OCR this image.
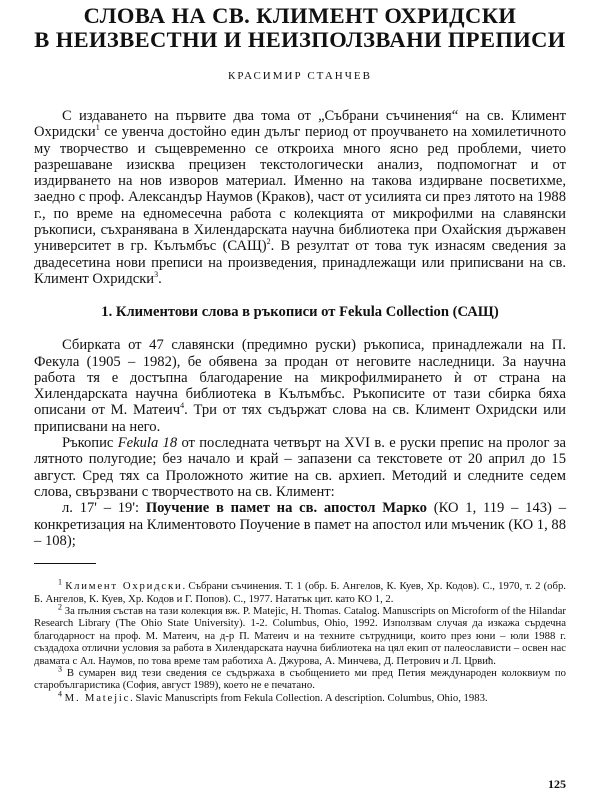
СЛОВА НА СВ. КЛИМЕНТ ОХРИДСКИ
В НЕИЗВЕСТНИ И НЕИЗПОЛЗВАНИ ПРЕПИСИ
КРАСИМИР СТАНЧЕВ

С издаването на първите два тома от „Събрани съчинения“ на св. Климент Охридски$^1$ се увенча достойно един дълъг период от проучването на хомилетичното му творчество и същевременно се откроиха много ясно ред проблеми, чието разрешаване изисква прецизен текстологически анализ, подпомогнат и от издирването на нов изворов материал. Именно на такова издирване посветихме, заедно с проф. Александър Наумов (Краков), част от усилията си през лятото на 1988 г., по време на едномесечна работа с колекцията от микрофилми на славянски ръкописи, съхранявана в Хилендарската научна библиотека при Охайския държавен университет в гр. Кълъмбъс (САЩ)$^2$. В резултат от това тук изнасям сведения за двадесетина нови преписи на произведения, принадлежащи или приписвани на св. Климент Охридски$^3$.

1. Климентови слова в ръкописи от Fekula Collection (САЩ)

Сбирката от 47 славянски (предимно руски) ръкописа, принадлежали на П. Фекула (1905 – 1982), бе обявена за продан от неговите наследници. За научна работа тя е достъпна благодарение на микрофилмирането ѝ от страна на Хилендарската научна библиотека в Кълъмбъс. Ръкописите от тази сбирка бяха описани от М. Матеич$^4$. Три от тях съдържат слова на св. Климент Охридски или приписвани на него.

Ръкопис Fekula 18 от последната четвърт на XVI в. е руски препис на пролог за лятното полугодие; без начало и край – запазени са текстовете от 20 април до 15 август. Сред тях са Проложното житие на св. архиеп. Методий и следните седем слова, свързвани с творчеството на св. Климент:

л. 17' – 19': Поучение в памет на св. апостол Марко (КО 1, 119 – 143) – конкретизация на Климентовото Поучение в памет на апостол или мъченик (КО 1, 88 – 108);

$^1$ Климент Охридски. Събрани съчинения. Т. 1 (обр. Б. Ангелов, К. Куев, Хр. Кодов). С., 1970, т. 2 (обр. Б. Ангелов, К. Куев, Хр. Кодов и Г. Попов). С., 1977. Нататък цит. като КО 1, 2.

$^2$ За пълния състав на тази колекция вж. P. Matejic, H. Thomas. Catalog. Manuscripts on Microform of the Hilandar Research Library (The Ohio State University). 1-2. Columbus, Ohio, 1992. Използвам случая да изкажа сърдечна благодарност на проф. М. Матеич, на д-р П. Матеич и на техните сътрудници, които през юни – юли 1988 г. създадоха отлични условия за работа в Хилендарската научна библиотека на цял екип от палеослависти – освен нас двамата с Ал. Наумов, по това време там работиха А. Джурова, А. Минчева, Д. Петрович и Л. Црвић.

$^3$ В сумарен вид тези сведения се съдържаха в съобщението ми пред Петия международен колоквиум по старобългаристика (София, август 1989), което не е печатано.

$^4$ M. Matejic. Slavic Manuscripts from Fekula Collection. A description. Columbus, Ohio, 1983.

125
